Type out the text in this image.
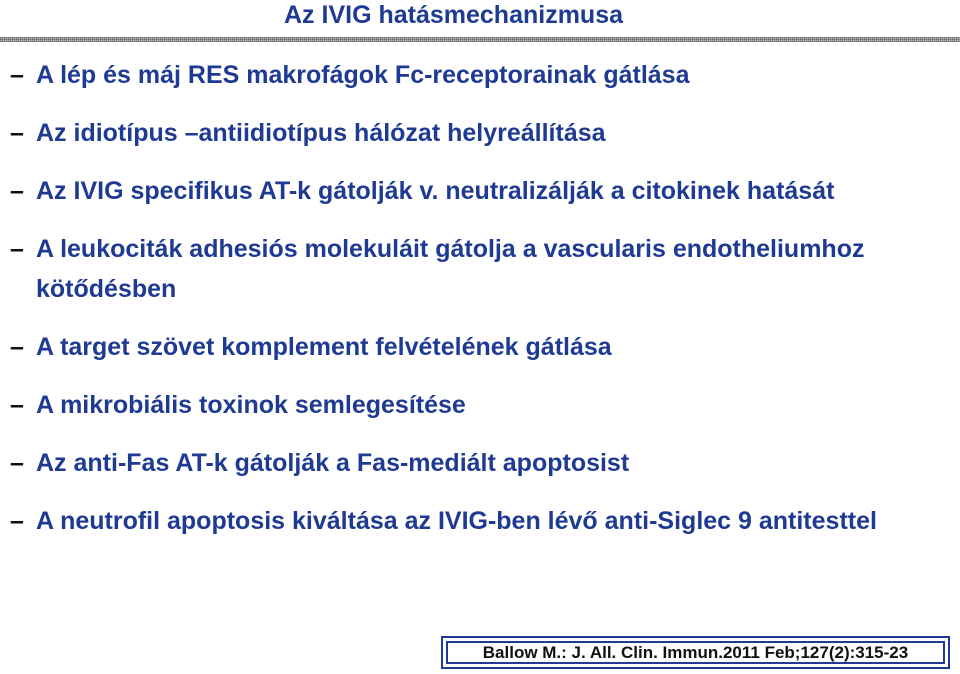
Az IVIG hatásmechanizmusa
– A lép és máj RES makrofágok Fc-receptorainak gátlása
– Az idiotípus –antiidiotípus hálózat helyreállítása
– Az IVIG specifikus AT-k gátolják v. neutralizálják a citokinek hatását
– A leukociták adhesiós molekuláit gátolja a vascularis endotheliumhoz kötődésben
– A target szövet komplement felvételének gátlása
– A mikrobiális toxinok semlegesítése
– Az anti-Fas AT-k gátolják a Fas-mediált apoptosist
– A neutrofil apoptosis kiváltása az IVIG-ben lévő anti-Siglec 9 antitesttel
Ballow M.: J. All. Clin. Immun.2011 Feb;127(2):315-23
